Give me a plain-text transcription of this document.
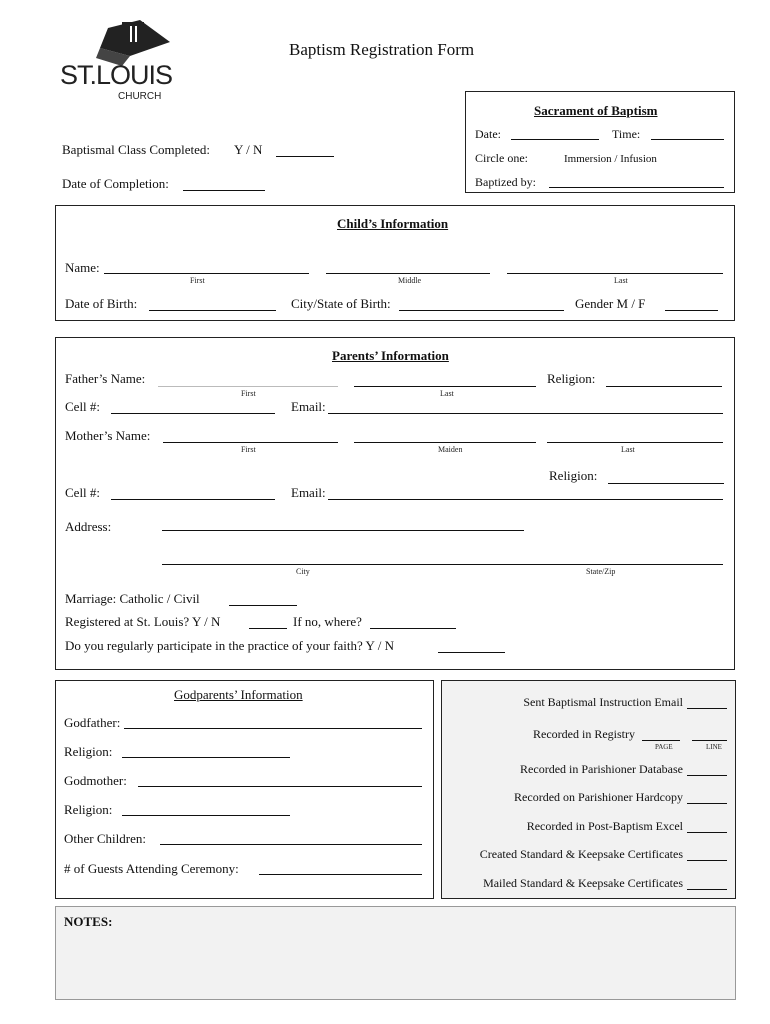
ST.LOUIS
CHURCH
Baptism Registration Form
Baptismal Class Completed: Y / N
Date of Completion:
Sacrament of Baptism
Date:	Time:
Circle one:	Immersion / Infusion
Baptized by:
Child’s Information
Name:
First	Middle	Last
Date of Birth:	City/State of Birth:	Gender M / F
Parents’ Information
Father’s Name:
First	Last
Religion:
Cell #:	Email:
Mother’s Name:
First	Maiden	Last
Religion:
Cell #:	Email:
Address:
City	State/Zip
Marriage: Catholic / Civil
Registered at St. Louis? Y / N	If no, where?
Do you regularly participate in the practice of your faith? Y / N
Godparents’ Information
Godfather:
Religion:
Godmother:
Religion:
Other Children:
# of Guests Attending Ceremony:
Sent Baptismal Instruction Email
Recorded in Registry
PAGE	LINE
Recorded in Parishioner Database
Recorded on Parishioner Hardcopy
Recorded in Post-Baptism Excel
Created Standard & Keepsake Certificates
Mailed Standard & Keepsake Certificates
NOTES:
